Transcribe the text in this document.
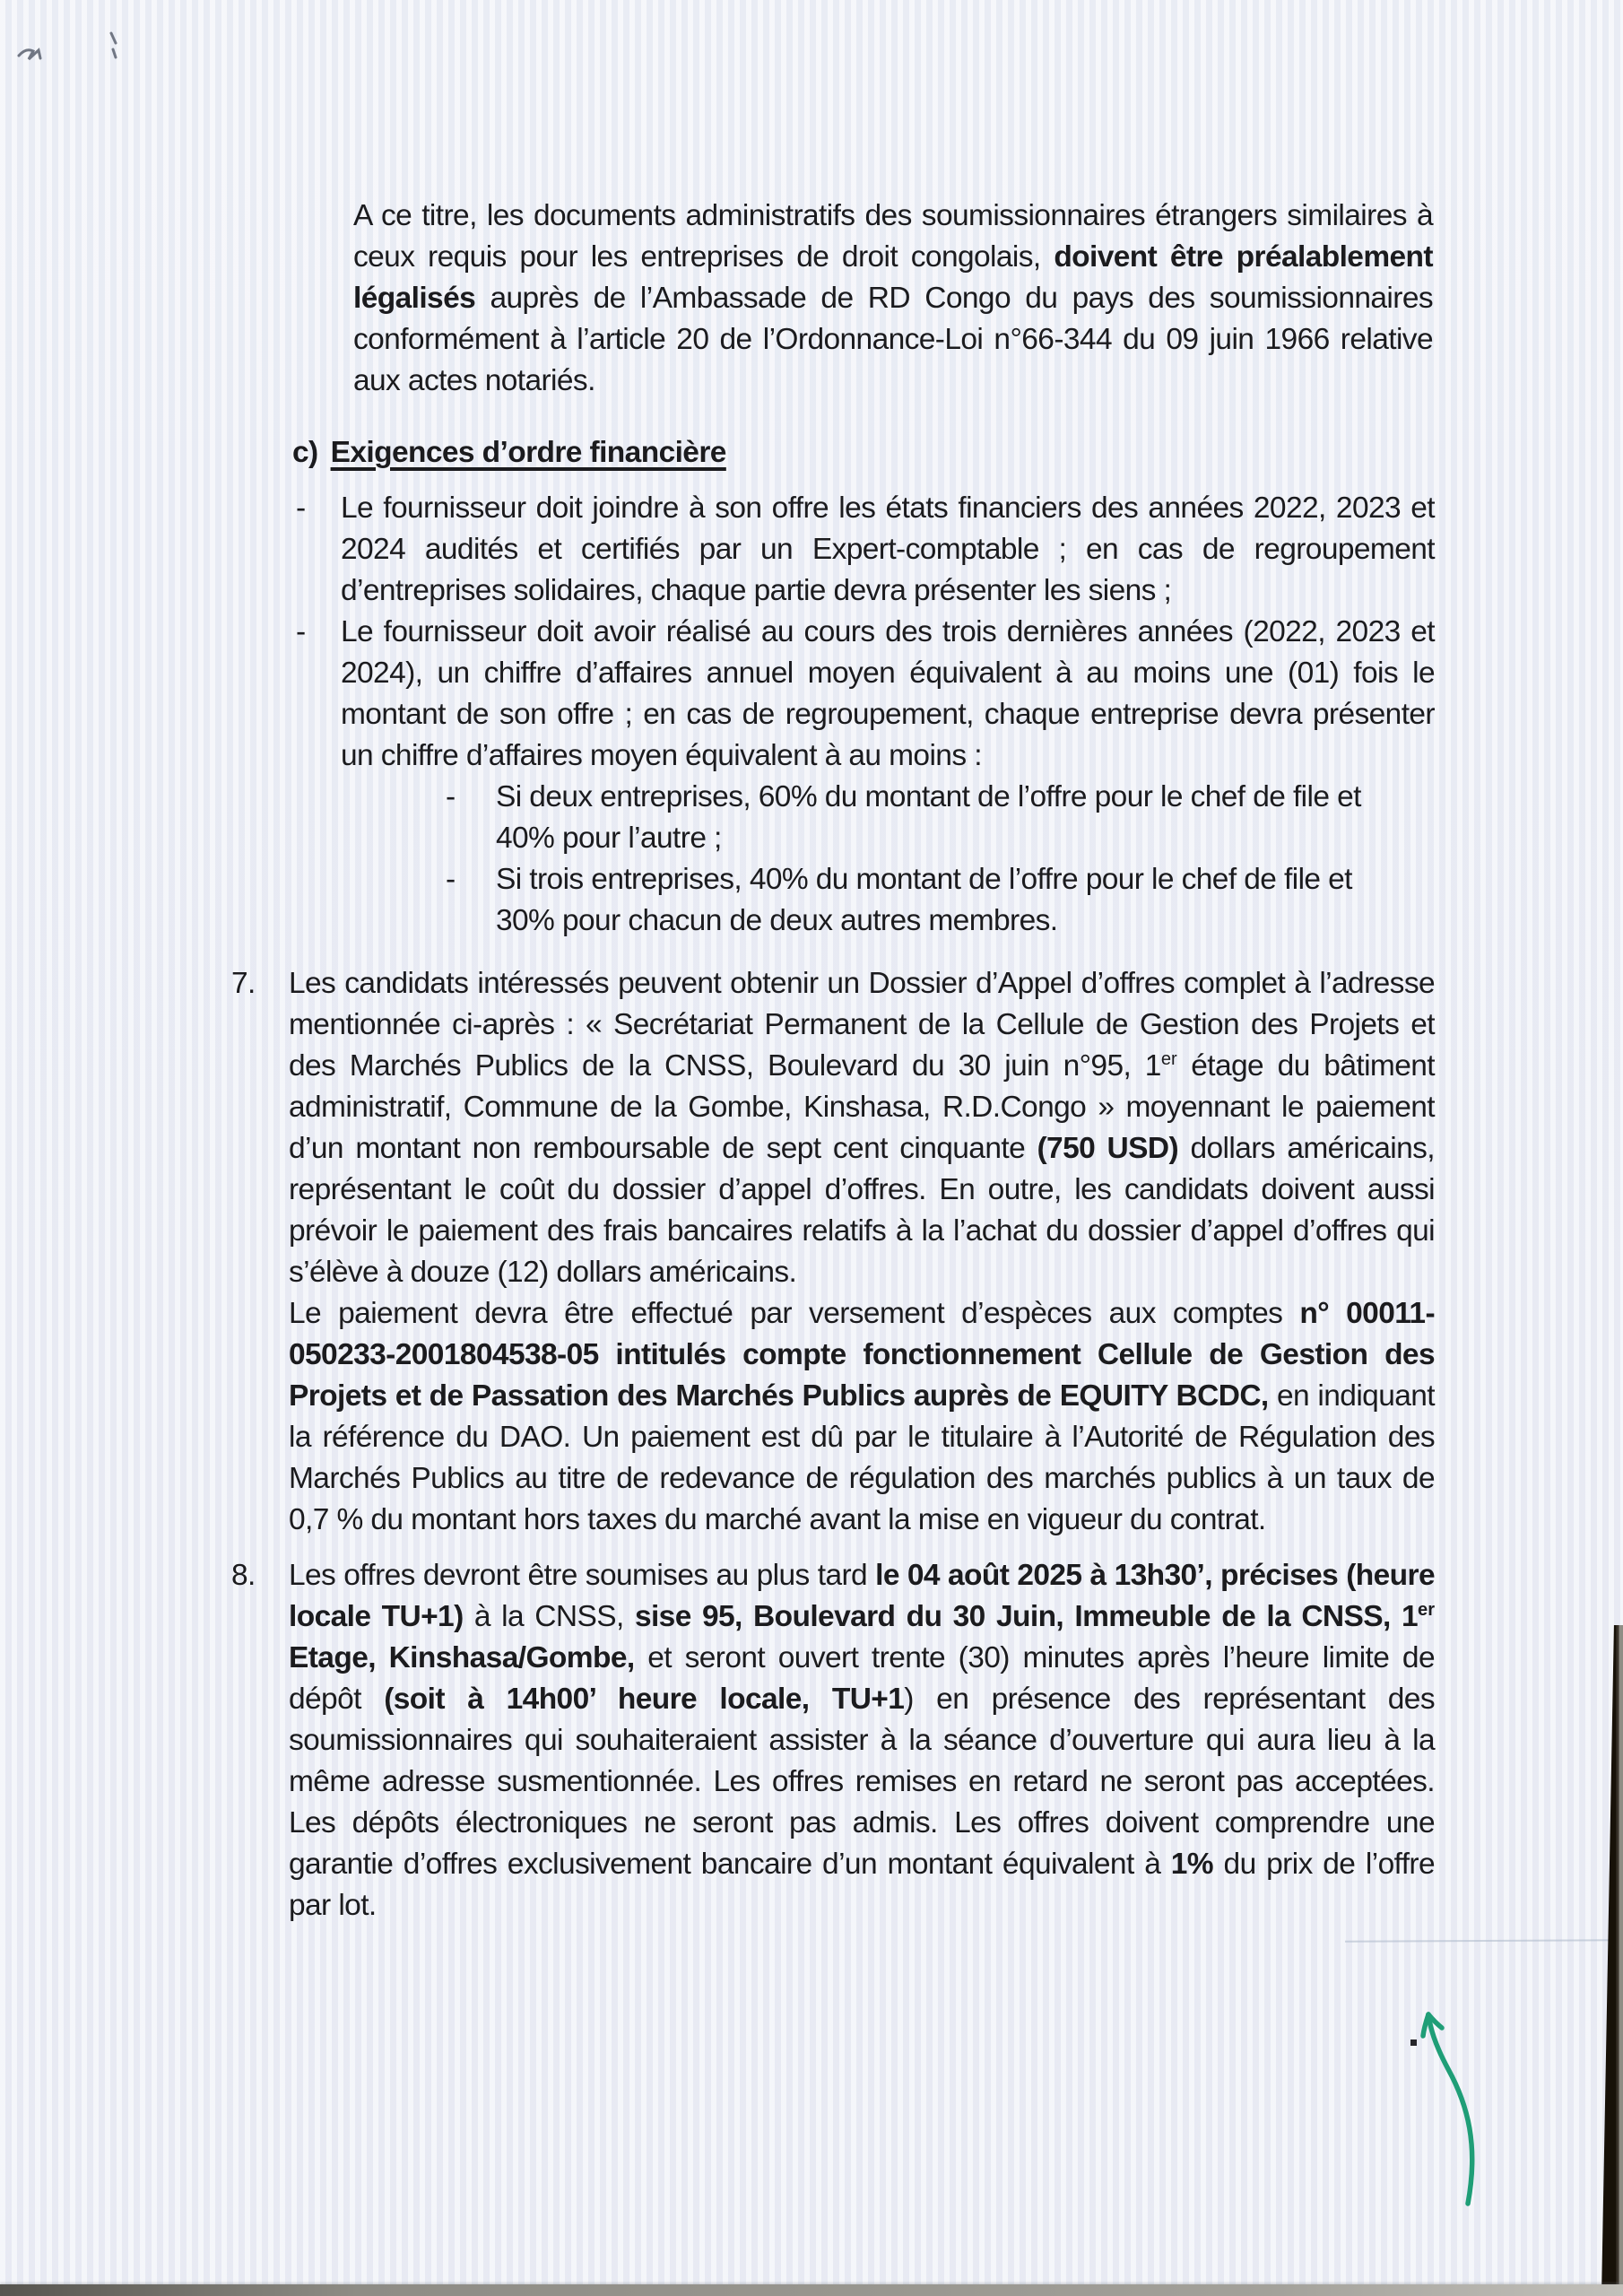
A ce titre, les documents administratifs des soumissionnaires étrangers similaires à ceux requis pour les entreprises de droit congolais, doivent être préalablement légalisés auprès de l’Ambassade de RD Congo du pays des soumissionnaires conformément à l’article 20 de l’Ordonnance-Loi n°66-344 du 09 juin 1966 relative aux actes notariés.

c) Exigences d’ordre financière
-	Le fournisseur doit joindre à son offre les états financiers des années 2022, 2023 et 2024 audités et certifiés par un Expert-comptable ; en cas de regroupement d’entreprises solidaires, chaque partie devra présenter les siens ;
-	Le fournisseur doit avoir réalisé au cours des trois dernières années (2022, 2023 et 2024), un chiffre d’affaires annuel moyen équivalent à au moins une (01) fois le montant de son offre ; en cas de regroupement, chaque entreprise devra présenter un chiffre d’affaires moyen équivalent à au moins :
-	Si deux entreprises, 60% du montant de l’offre pour le chef de file et 40% pour l’autre ;
-	Si trois entreprises, 40% du montant de l’offre pour le chef de file et 30% pour chacun de deux autres membres.
7.	Les candidats intéressés peuvent obtenir un Dossier d’Appel d’offres complet à l’adresse mentionnée ci-après : « Secrétariat Permanent de la Cellule de Gestion des Projets et des Marchés Publics de la CNSS, Boulevard du 30 juin n°95, 1er étage du bâtiment administratif, Commune de la Gombe, Kinshasa, R.D.Congo » moyennant le paiement d’un montant non remboursable de sept cent cinquante (750 USD) dollars américains, représentant le coût du dossier d’appel d’offres. En outre, les candidats doivent aussi prévoir le paiement des frais bancaires relatifs à la l’achat du dossier d’appel d’offres qui s’élève à douze (12) dollars américains.

Le paiement devra être effectué par versement d’espèces aux comptes n° 00011-050233-2001804538-05 intitulés compte fonctionnement Cellule de Gestion des Projets et de Passation des Marchés Publics auprès de EQUITY BCDC, en indiquant la référence du DAO. Un paiement est dû par le titulaire à l’Autorité de Régulation des Marchés Publics au titre de redevance de régulation des marchés publics à un taux de 0,7 % du montant hors taxes du marché avant la mise en vigueur du contrat.

8.	Les offres devront être soumises au plus tard le 04 août 2025 à 13h30’, précises (heure locale TU+1) à la CNSS, sise 95, Boulevard du 30 Juin, Immeuble de la CNSS, 1er Etage, Kinshasa/Gombe, et seront ouvert trente (30) minutes après l’heure limite de dépôt (soit à 14h00’ heure locale, TU+1) en présence des représentant des soumissionnaires qui souhaiteraient assister à la séance d’ouverture qui aura lieu à la même adresse susmentionnée. Les offres remises en retard ne seront pas acceptées. Les dépôts électroniques ne seront pas admis. Les offres doivent comprendre une garantie d’offres exclusivement bancaire d’un montant équivalent à 1% du prix de l’offre par lot.
